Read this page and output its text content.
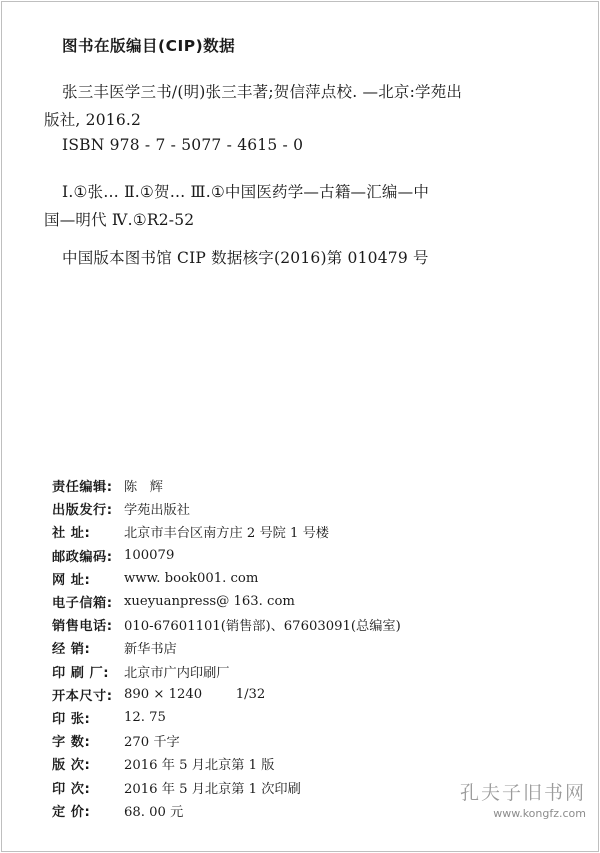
图书在版编目(CIP)数据
张三丰医学三书/(明)张三丰著;贺信萍点校. —北京:学苑出
版社, 2016.2
ISBN 978 - 7 - 5077 - 4615 - 0
Ⅰ.①张… Ⅱ.①贺… Ⅲ.①中国医药学—古籍—汇编—中
国—明代 Ⅳ.①R2-52
中国版本图书馆 CIP 数据核字(2016)第 010479 号
责任编辑: 陈   辉
出版发行: 学苑出版社
社 址:	北京市丰台区南方庄 2 号院 1 号楼
邮政编码: 100079
网 址:	www. book001. com
电子信箱: xueyuanpress@ 163. com
销售电话: 010-67601101(销售部)、67603091(总编室)
经 销:	新华书店
印 刷 厂:	北京市广内印刷厂
开本尺寸: 890 × 1240        1/32
印 张:	12. 75
字 数:	270 千字
版 次:	2016 年 5 月北京第 1 版
印 次:	2016 年 5 月北京第 1 次印刷
定 价:	68. 00 元
孔夫子旧书网
www.kongfz.com
